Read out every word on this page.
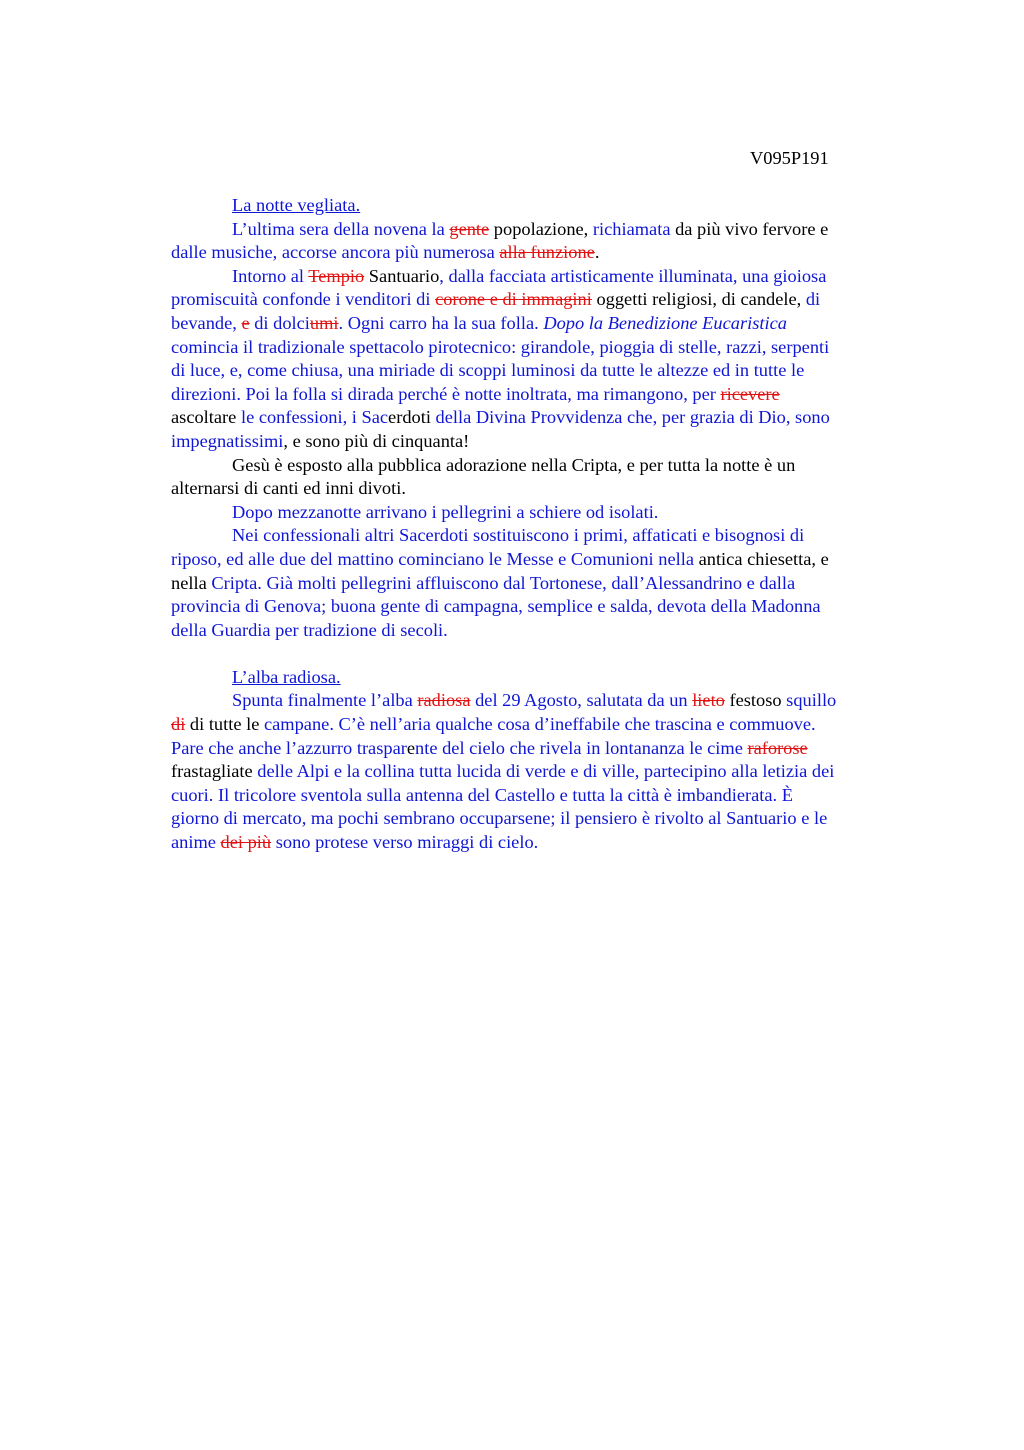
V095P191

La notte vegliata.

L’ultima sera della novena la gente popolazione, richiamata da più vivo fervore e
dalle musiche, accorse ancora più numerosa alla funzione.

Intorno al Tempio Santuario, dalla facciata artisticamente illuminata, una gioiosa
promiscuità confonde i venditori di corone e di immagini oggetti religiosi, di candele, di
bevande, e di dolciumi. Ogni carro ha la sua folla. Dopo la Benedizione Eucaristica
comincia il tradizionale spettacolo pirotecnico: girandole, pioggia di stelle, razzi, serpenti
di luce, e, come chiusa, una miriade di scoppi luminosi da tutte le altezze ed in tutte le
direzioni. Poi la folla si dirada perché è notte inoltrata, ma rimangono, per ricevere
ascoltare le confessioni, i Sacerdoti della Divina Provvidenza che, per grazia di Dio, sono
impegnatissimi, e sono più di cinquanta!

Gesù è esposto alla pubblica adorazione nella Cripta, e per tutta la notte è un
alternarsi di canti ed inni divoti.

Dopo mezzanotte arrivano i pellegrini a schiere od isolati.

Nei confessionali altri Sacerdoti sostituiscono i primi, affaticati e bisognosi di
riposo, ed alle due del mattino cominciano le Messe e Comunioni nella antica chiesetta, e
nella Cripta. Già molti pellegrini affluiscono dal Tortonese, dall’Alessandrino e dalla
provincia di Genova; buona gente di campagna, semplice e salda, devota della Madonna
della Guardia per tradizione di secoli.

L’alba radiosa.

Spunta finalmente l’alba radiosa del 29 Agosto, salutata da un lieto festoso squillo
di di tutte le campane. C’è nell’aria qualche cosa d’ineffabile che trascina e commuove.
Pare che anche l’azzurro trasparente del cielo che rivela in lontananza le cime raforose
frastagliate delle Alpi e la collina tutta lucida di verde e di ville, partecipino alla letizia dei
cuori. Il tricolore sventola sulla antenna del Castello e tutta la città è imbandierata. È
giorno di mercato, ma pochi sembrano occuparsene; il pensiero è rivolto al Santuario e le
anime dei più sono protese verso miraggi di cielo.
